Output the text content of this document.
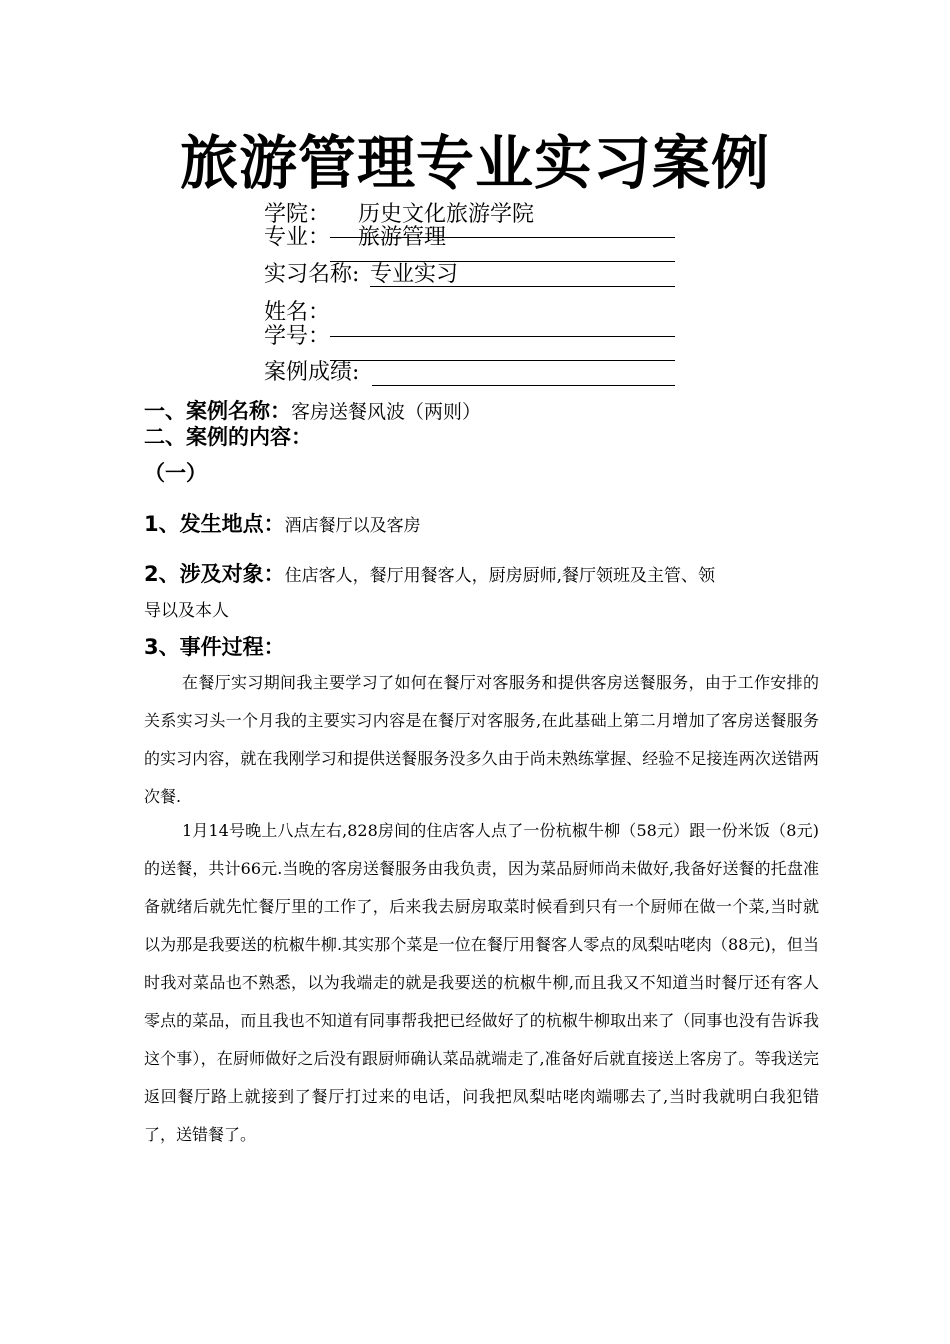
旅游管理专业实习案例
学院： 历史文化旅游学院
专业： 旅游管理
实习名称: 专业实习
姓名：
学号：
案例成绩:
一、案例名称：客房送餐风波（两则）
二、案例的内容：
（一）
1、发生地点：酒店餐厅以及客房
2、涉及对象：住店客人，餐厅用餐客人，厨房厨师,餐厅领班及主管、领
导以及本人
3、事件过程：

在餐厅实习期间我主要学习了如何在餐厅对客服务和提供客房送餐服务，由于工作安排的关系实习头一个月我的主要实习内容是在餐厅对客服务,在此基础上第二月增加了客房送餐服务的实习内容，就在我刚学习和提供送餐服务没多久由于尚未熟练掌握、经验不足接连两次送错两次餐.

1月14号晚上八点左右,828房间的住店客人点了一份杭椒牛柳（58元）跟一份米饭（8元)的送餐，共计66元.当晚的客房送餐服务由我负责，因为菜品厨师尚未做好,我备好送餐的托盘准备就绪后就先忙餐厅里的工作了，后来我去厨房取菜时候看到只有一个厨师在做一个菜,当时就以为那是我要送的杭椒牛柳.其实那个菜是一位在餐厅用餐客人零点的凤梨咕咾肉（88元)，但当时我对菜品也不熟悉，以为我端走的就是我要送的杭椒牛柳,而且我又不知道当时餐厅还有客人零点的菜品，而且我也不知道有同事帮我把已经做好了的杭椒牛柳取出来了（同事也没有告诉我这个事），在厨师做好之后没有跟厨师确认菜品就端走了,准备好后就直接送上客房了。等我送完返回餐厅路上就接到了餐厅打过来的电话，问我把凤梨咕咾肉端哪去了,当时我就明白我犯错了，送错餐了。
